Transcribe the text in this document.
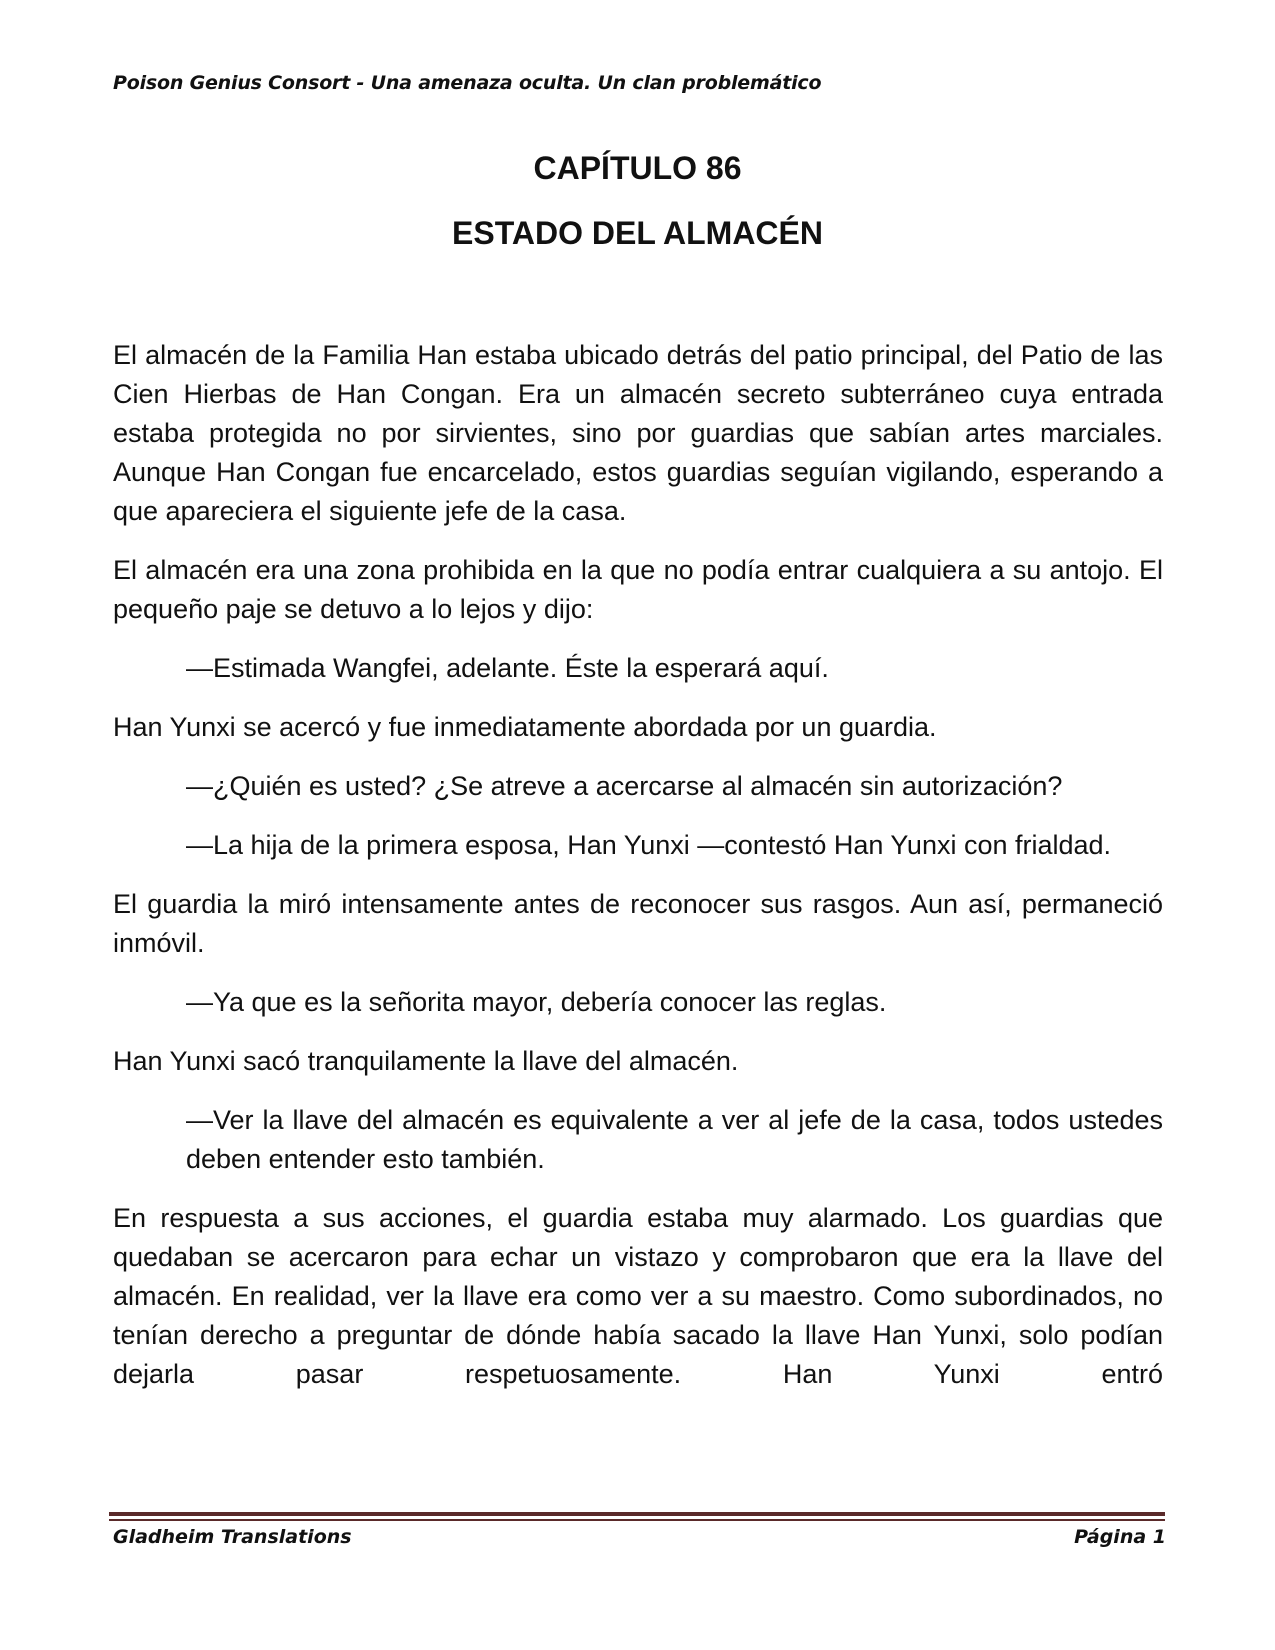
Poison Genius Consort - Una amenaza oculta. Un clan problemático
CAPÍTULO 86
ESTADO DEL ALMACÉN

El almacén de la Familia Han estaba ubicado detrás del patio principal, del Patio de las Cien Hierbas de Han Congan. Era un almacén secreto subterráneo cuya entrada estaba protegida no por sirvientes, sino por guardias que sabían artes marciales. Aunque Han Congan fue encarcelado, estos guardias seguían vigilando, esperando a que apareciera el siguiente jefe de la casa.

El almacén era una zona prohibida en la que no podía entrar cualquiera a su antojo. El pequeño paje se detuvo a lo lejos y dijo:

—Estimada Wangfei, adelante. Éste la esperará aquí.

Han Yunxi se acercó y fue inmediatamente abordada por un guardia.

—¿Quién es usted? ¿Se atreve a acercarse al almacén sin autorización?

—La hija de la primera esposa, Han Yunxi —contestó Han Yunxi con frialdad.

El guardia la miró intensamente antes de reconocer sus rasgos. Aun así, permaneció inmóvil.

—Ya que es la señorita mayor, debería conocer las reglas.

Han Yunxi sacó tranquilamente la llave del almacén.

—Ver la llave del almacén es equivalente a ver al jefe de la casa, todos ustedes deben entender esto también.

En respuesta a sus acciones, el guardia estaba muy alarmado. Los guardias que quedaban se acercaron para echar un vistazo y comprobaron que era la llave del almacén. En realidad, ver la llave era como ver a su maestro. Como subordinados, no tenían derecho a preguntar de dónde había sacado la llave Han Yunxi, solo podían dejarla pasar respetuosamente. Han Yunxi entró

Gladheim Translations	Página 1
